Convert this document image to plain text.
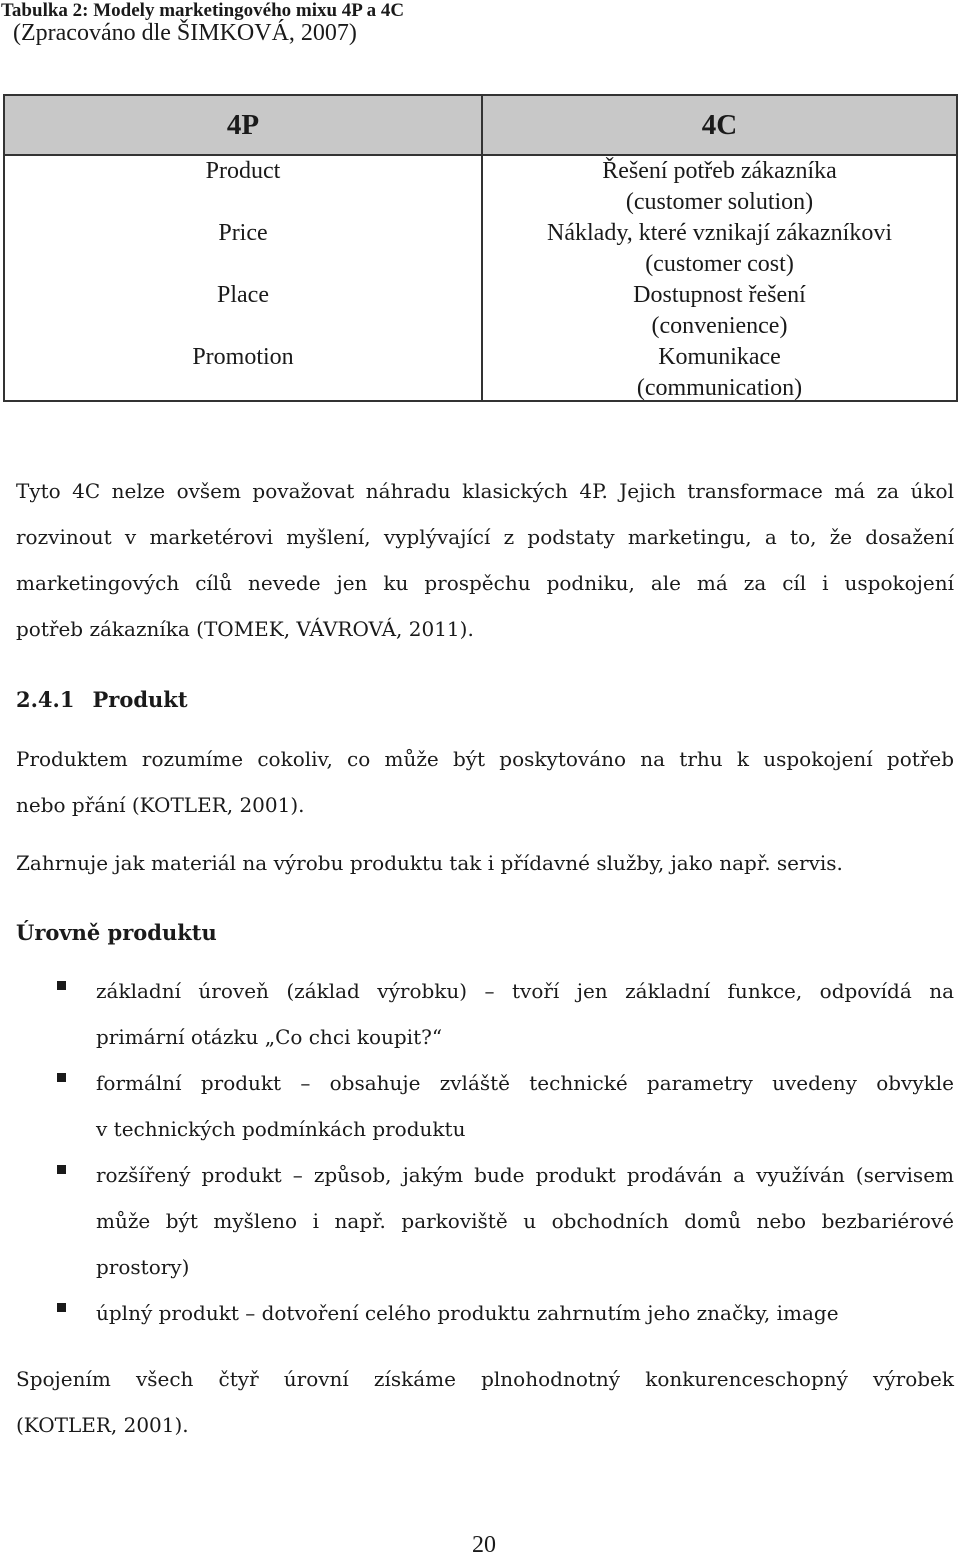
Tabulka 2: Modely marketingového mixu 4P a 4C
(Zpracováno dle ŠIMKOVÁ, 2007)
4P	4C
Product	Řešení potřeb zákazníka
(customer solution)
Price	Náklady, které vznikají zákazníkovi
(customer cost)
Place	Dostupnost řešení
(convenience)
Promotion	Komunikace
(communication)
Tyto 4C nelze ovšem považovat náhradu klasických 4P. Jejich transformace má za úkol
rozvinout v marketérovi myšlení, vyplývající z podstaty marketingu, a to, že dosažení
marketingových cílů nevede jen ku prospěchu podniku, ale má za cíl i uspokojení
potřeb zákazníka (TOMEK, VÁVROVÁ, 2011).
2.4.1 Produkt
Produktem rozumíme cokoliv, co může být poskytováno na trhu k uspokojení potřeb
nebo přání (KOTLER, 2001).
Zahrnuje jak materiál na výrobu produktu tak i přídavné služby, jako např. servis.
Úrovně produktu
základní úroveň (základ výrobku) – tvoří jen základní funkce, odpovídá na
primární otázku „Co chci koupit?“
formální produkt – obsahuje zvláště technické parametry uvedeny obvykle
v technických podmínkách produktu
rozšířený produkt – způsob, jakým bude produkt prodáván a využíván (servisem
může být myšleno i např. parkoviště u obchodních domů nebo bezbariérové
prostory)
úplný produkt – dotvoření celého produktu zahrnutím jeho značky, image
Spojením všech čtyř úrovní získáme plnohodnotný konkurenceschopný výrobek
(KOTLER, 2001).
20
